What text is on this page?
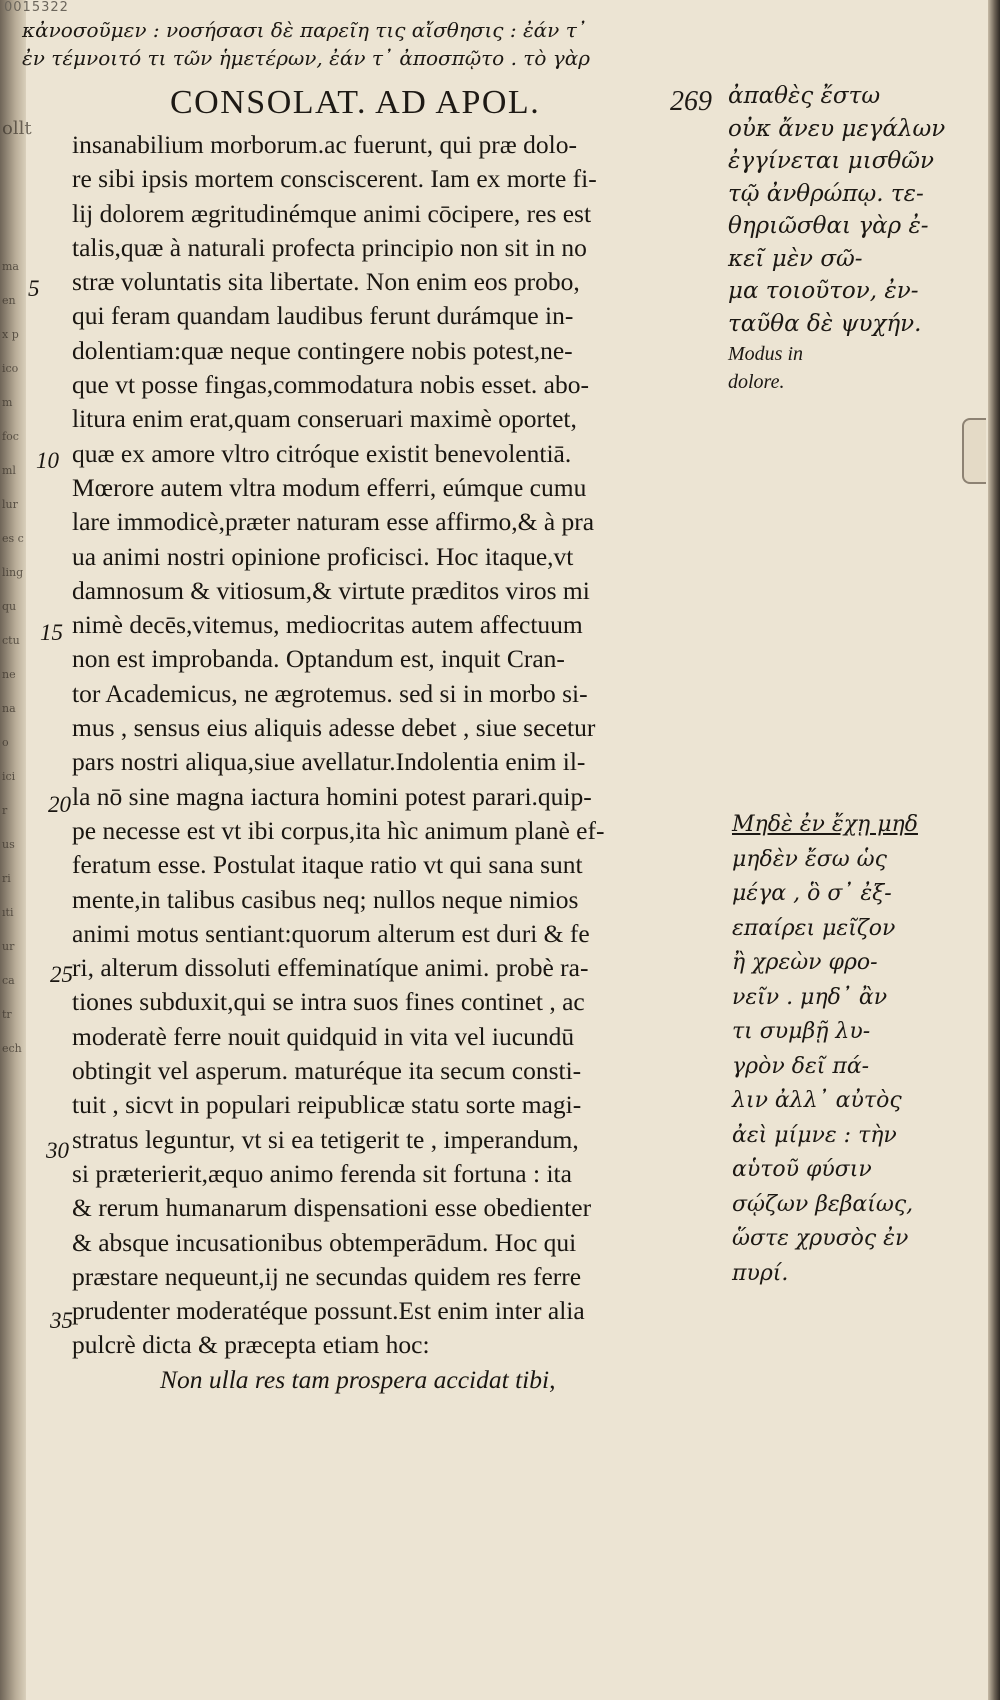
0015322
ollt
ma
en
x p
ico
m
foc
ml
lur
es c
ling
qu
ctu
ne
na
o
ici
r
us
ri
ıti
ur
ca
tr
ech
κἀνοσοῦμεν : νοσήσασι δὲ παρεῖη τις αἴσθησις : ἐάν τ᾽
ἐν τέμνοιτό τι τῶν ἡμετέρων, ἐάν τ᾽ ἀποσπῷτο . τὸ γὰρ
CONSOLAT. AD APOL.	269 ἀπαθὲς ἔστω
οὐκ ἄνευ μεγάλων
ἐγγίνεται μισθῶν
τῷ ἀνθρώπῳ. τε-
θηριῶσθαι γὰρ ἐ-
κεῖ μὲν σῶ-
μα τοιοῦτον, ἐν-
ταῦθα δὲ ψυχήν.
Modus in
dolore.
Μηδὲ ἐν ἔχῃ μηδ
μηδὲν ἔσω ὡς
μέγα , ὃ σ᾽ ἐξ-
επαίρει μεῖζον
ἢ χρεὼν φρο-
νεῖν . μηδ᾽ ἂν
τι συμβῇ λυ-
γρὸν δεῖ πά-
λιν ἀλλ᾽ αὐτὸς
ἀεὶ μίμνε : τὴν
αὑτοῦ φύσιν
σῴζων βεβαίως,
ὥστε χρυσὸς ἐν
πυρί.
5
10
15
20
25
30
35
insanabilium morborum.ac fuerunt, qui præ dolo-
re sibi ipsis mortem consciscerent. Iam ex morte fi-
lij dolorem ægritudinémque animi cōcipere, res est
talis,quæ à naturali profecta principio non sit in no
stræ voluntatis sita libertate. Non enim eos probo,
qui feram quandam laudibus ferunt durámque in-
dolentiam:quæ neque contingere nobis potest,ne-
que vt posse fingas,commodatura nobis esset. abo-
litura enim erat,quam conseruari maximè oportet,
quæ ex amore vltro citróque existit benevolentiā.
Mœrore autem vltra modum efferri, eúmque cumu
lare immodicè,præter naturam esse affirmo,& à pra
ua animi nostri opinione proficisci. Hoc itaque,vt
damnosum & vitiosum,& virtute præditos viros mi
nimè decēs,vitemus, mediocritas autem affectuum
non est improbanda. Optandum est, inquit Cran-
tor Academicus, ne ægrotemus. sed si in morbo si-
mus , sensus eius aliquis adesse debet , siue secetur
pars nostri aliqua,siue avellatur.Indolentia enim il-
la nō sine magna iactura homini potest parari.quip-
pe necesse est vt ibi corpus,ita hìc animum planè ef-
feratum esse. Postulat itaque ratio vt qui sana sunt
mente,in talibus casibus neq; nullos neque nimios
animi motus sentiant:quorum alterum est duri & fe
ri, alterum dissoluti effeminatíque animi. probè ra-
tiones subduxit,qui se intra suos fines continet , ac
moderatè ferre nouit quidquid in vita vel iucundū
obtingit vel asperum. maturéque ita secum consti-
tuit , sicvt in populari reipublicæ statu sorte magi-
stratus leguntur, vt si ea tetigerit te , imperandum,
si præterierit,æquo animo ferenda sit fortuna : ita
& rerum humanarum dispensationi esse obedienter
& absque incusationibus obtemperādum. Hoc qui
præstare nequeunt,ij ne secundas quidem res ferre
prudenter moderatéque possunt.Est enim inter alia
pulcrè dicta & præcepta etiam hoc:
Non ulla res tam prospera accidat tibi,
